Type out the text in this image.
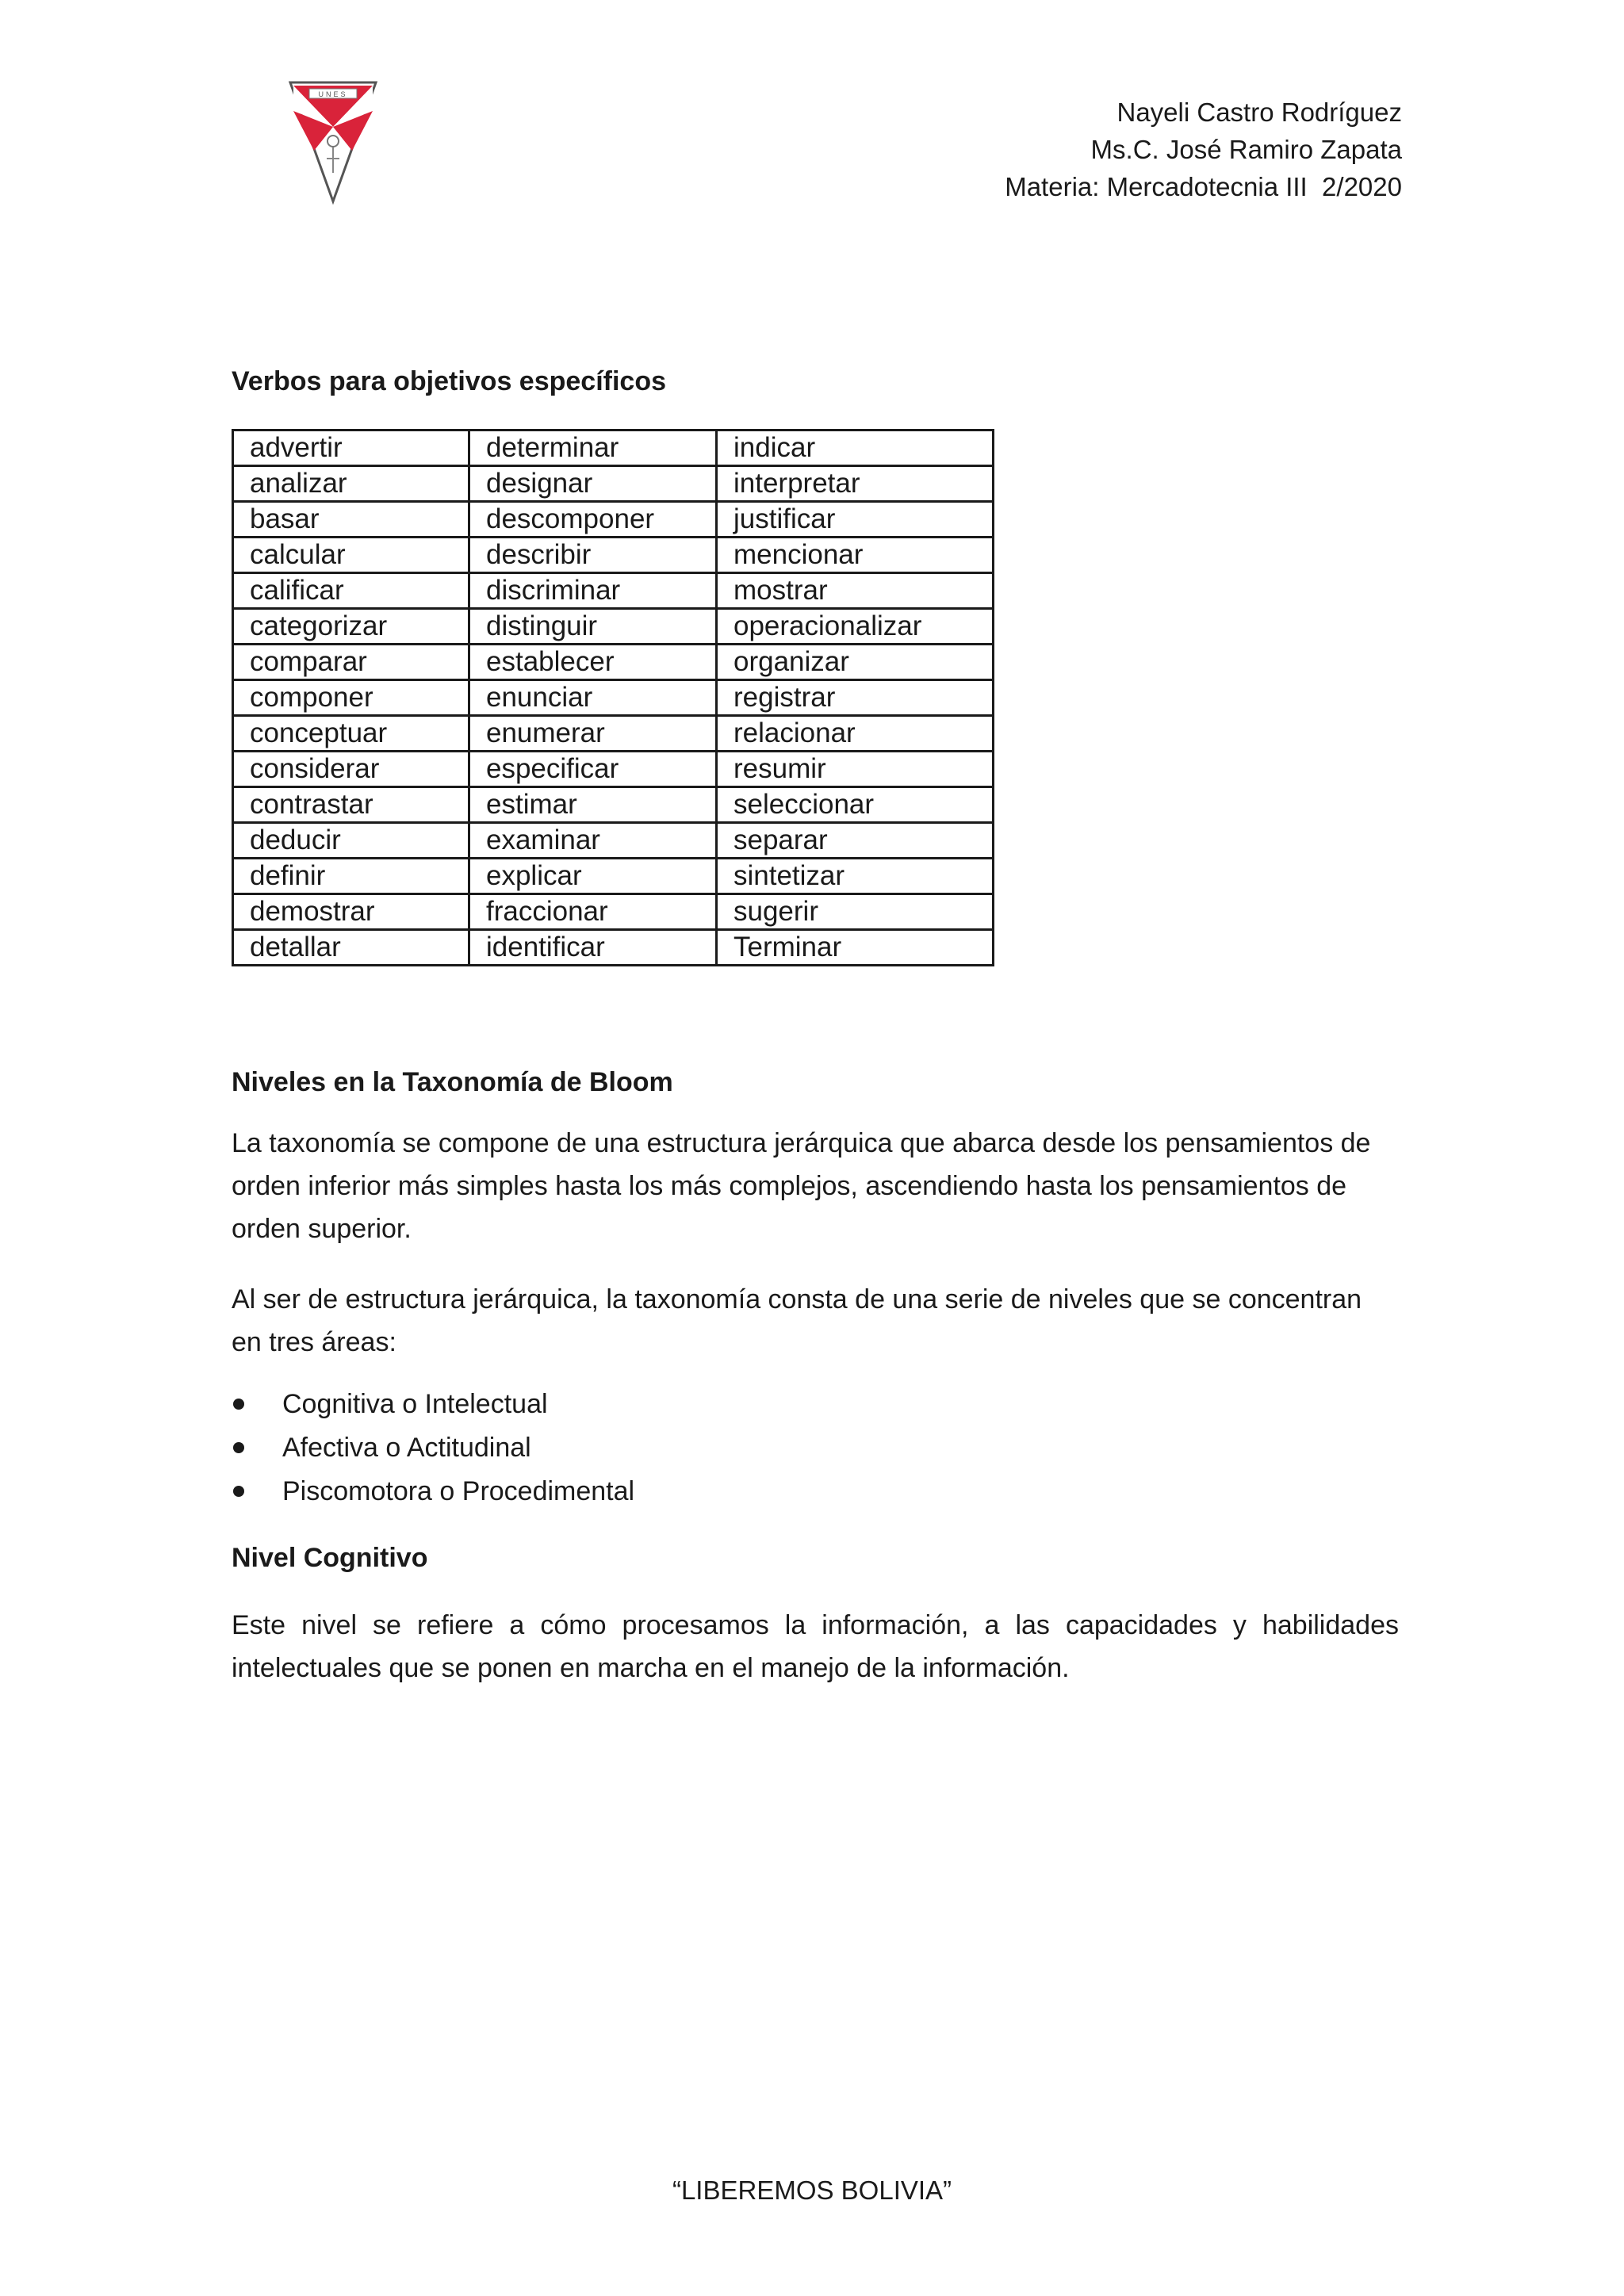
UNES
Nayeli Castro Rodríguez
Ms.C. José Ramiro Zapata
Materia: Mercadotecnia III  2/2020
Verbos para objetivos específicos
advertir	determinar	indicar
analizar	designar	interpretar
basar	descomponer	justificar
calcular	describir	mencionar
calificar	discriminar	mostrar
categorizar	distinguir	operacionalizar
comparar	establecer	organizar
componer	enunciar	registrar
conceptuar	enumerar	relacionar
considerar	especificar	resumir
contrastar	estimar	seleccionar
deducir	examinar	separar
definir	explicar	sintetizar
demostrar	fraccionar	sugerir
detallar	identificar	Terminar
Niveles en la Taxonomía de Bloom
La taxonomía se compone de una estructura jerárquica que abarca desde los pensamientos de orden inferior más simples hasta los más complejos, ascendiendo hasta los pensamientos de orden superior.
Al ser de estructura jerárquica, la taxonomía consta de una serie de niveles que se concentran en tres áreas:
Cognitiva o Intelectual
Afectiva o Actitudinal
Piscomotora o Procedimental
Nivel Cognitivo
Este nivel se refiere a cómo procesamos la información, a las capacidades y habilidades intelectuales que se ponen en marcha en el manejo de la información.
“LIBEREMOS BOLIVIA”
